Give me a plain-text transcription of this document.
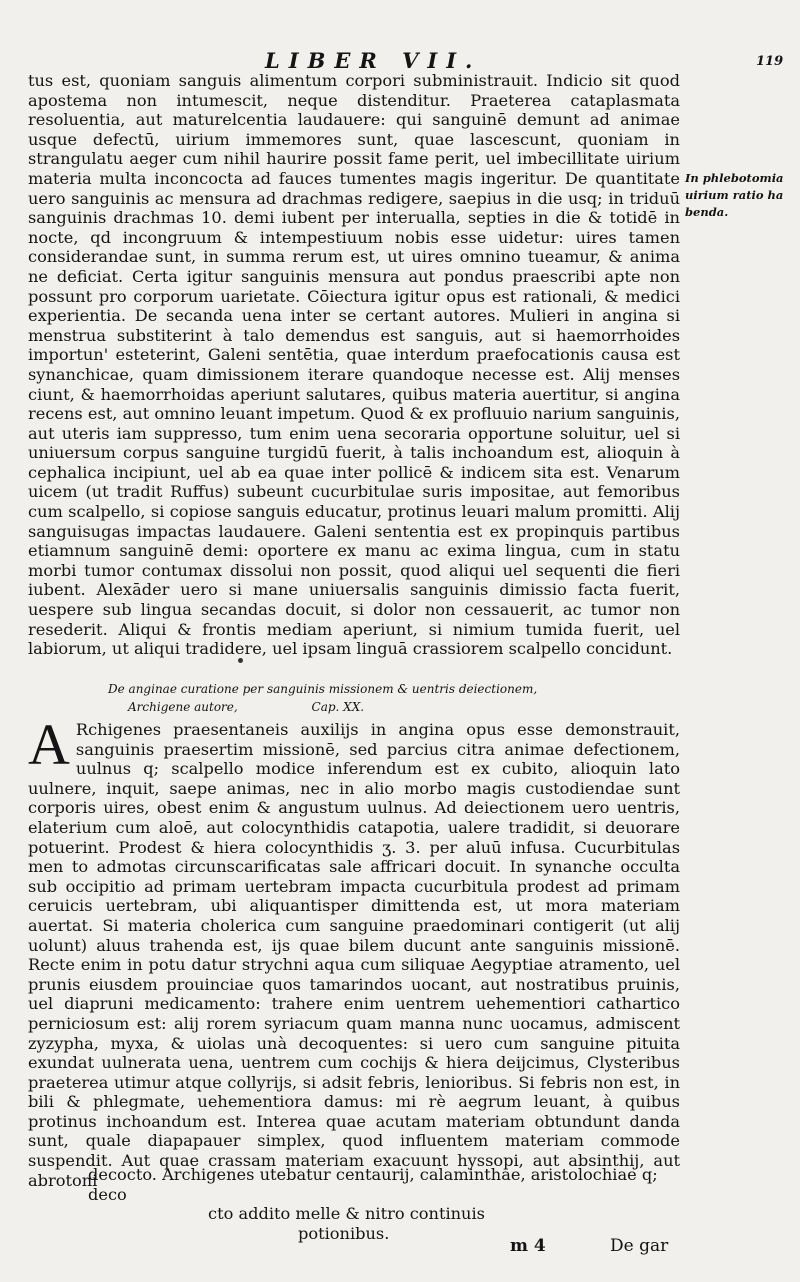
LIBER VII.	119

tus est, quoniam sanguis alimentum corpori subministrauit. Indicio sit quod apostema non intumescit, neque distenditur. Praeterea cataplasmata resoluentia, aut maturelcentia laudauere: qui sanguinē demunt ad animae usque defectū, uirium immemores sunt, quae lascescunt, quoniam in strangulatu aeger cum nihil haurire possit fame perit, uel imbecillitate uirium materia multa inconcocta ad fauces tumentes magis ingeritur. De quantitate uero sanguinis ac mensura ad drachmas redigere, saepius in die usq; in triduū sanguinis drachmas 10. demi iubent per interualla, septies in die & totidē in nocte, qd incongruum & intempestiuum nobis esse uidetur: uires tamen considerandae sunt, in summa rerum est, ut uires omnino tueamur, & anima ne deficiat. Certa igitur sanguinis mensura aut pondus praescribi apte non possunt pro corporum uarietate. Cōiectura igitur opus est rationali, & medici experientia. De secanda uena inter se certant autores. Mulieri in angina si menstrua substiterint à talo demendus est sanguis, aut si haemorrhoides importun' esteterint, Galeni sentētia, quae interdum praefocationis causa est synanchicae, quam dimissionem iterare quandoque necesse est. Alij menses ciunt, & haemorrhoidas aperiunt salutares, quibus materia auertitur, si angina recens est, aut omnino leuant impetum. Quod & ex profluuio narium sanguinis, aut uteris iam suppresso, tum enim uena secoraria opportune soluitur, uel si uniuersum corpus sanguine turgidū fuerit, à talis inchoandum est, alioquin à cephalica incipiunt, uel ab ea quae inter pollicē & indicem sita est. Venarum uicem (ut tradit Ruffus) subeunt cucurbitulae suris impositae, aut femoribus cum scalpello, si copiose sanguis educatur, protinus leuari malum promitti. Alij sanguisugas impactas laudauere. Galeni sententia est ex propinquis partibus etiamnum sanguinē demi: oportere ex manu ac exima lingua, cum in statu morbi tumor contumax dissolui non possit, quod aliqui uel sequenti die fieri iubent. Alexāder uero si mane uniuersalis sanguinis dimissio facta fuerit, uespere sub lingua secandas docuit, si dolor non cessauerit, ac tumor non resederit. Aliqui & frontis mediam aperiunt, si nimium tumida fuerit, uel labiorum, ut aliqui tradidere, uel ipsam linguā crassiorem scalpello concidunt.

In phlebotomia uirium ratio ha benda.
De anginae curatione per sanguinis missionem & uentris deiectionem,
Archigene autore,	Cap. XX.

A Rchigenes praesentaneis auxilijs in angina opus esse demonstrauit, sanguinis praesertim missionē, sed parcius citra animae defectionem, uulnus q; scalpello modice inferendum est ex cubito, alioquin lato uulnere, inquit, saepe animas, nec in alio morbo magis custodiendae sunt corporis uires, obest enim & angustum uulnus. Ad deiectionem uero uentris, elaterium cum aloē, aut colocynthidis catapotia, ualere tradidit, si deuorare potuerint. Prodest & hiera colocynthidis ʒ. 3. per aluū infusa. Cucurbitulas men to admotas circunscarificatas sale affricari docuit. In synanche occulta sub occipitio ad primam uertebram impacta cucurbitula prodest ad primam ceruicis uertebram, ubi aliquantisper dimittenda est, ut mora materiam auertat. Si materia cholerica cum sanguine praedominari contigerit (ut alij uolunt) aluus trahenda est, ijs quae bilem ducunt ante sanguinis missionē. Recte enim in potu datur strychni aqua cum siliquae Aegyptiae atramento, uel prunis eiusdem prouinciae quos tamarindos uocant, aut nostratibus pruinis, uel diapruni medicamento: trahere enim uentrem uehementiori cathartico perniciosum est: alij rorem syriacum quam manna nunc uocamus, admiscent zyzypha, myxa, & uiolas unà decoquentes: si uero cum sanguine pituita exundat uulnerata uena, uentrem cum cochijs & hiera deijcimus, Clysteribus praeterea utimur atque collyrijs, si adsit febris, lenioribus. Si febris non est, in bili & phlegmate, uehementiora damus: mi rè aegrum leuant, à quibus protinus inchoandum est. Interea quae acutam materiam obtundunt danda sunt, quale diapapauer simplex, quod influentem materiam commode suspendit. Aut quae crassam materiam exacuunt hyssopi, aut absinthij, aut abrotoni

decocto. Archigenes utebatur centaurij, calaminthae, aristolochiae q; deco
cto addito melle & nitro continuis
potionibus.
m 4	De gar
